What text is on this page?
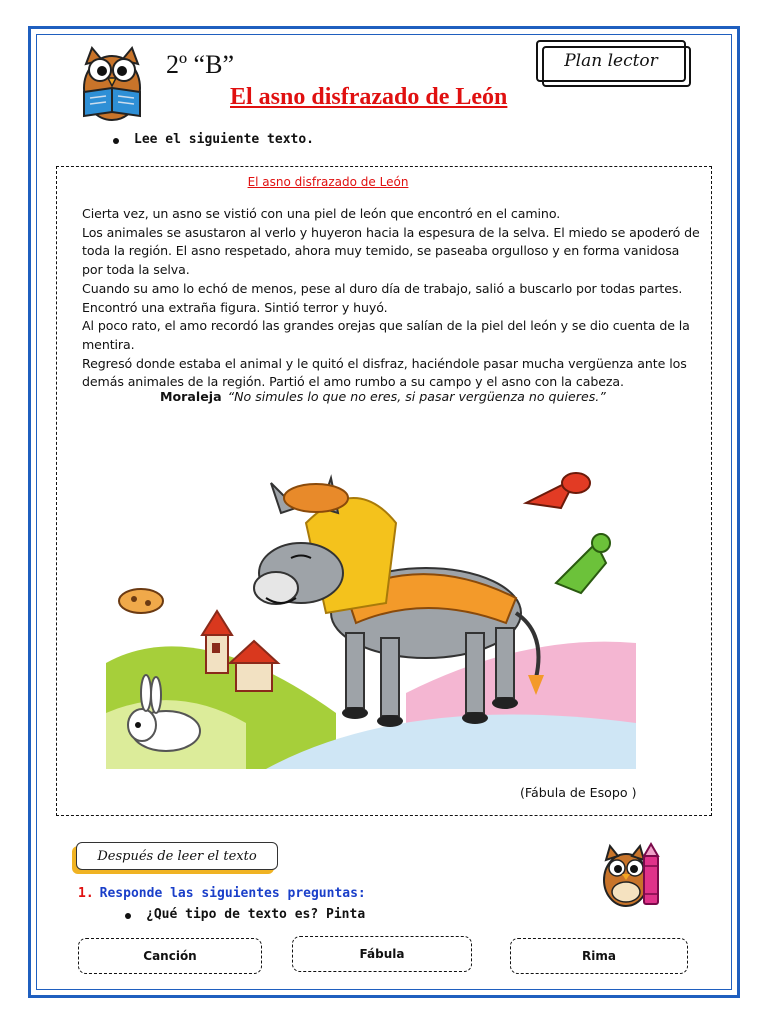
2º “B”	Plan lector
El asno disfrazado de León
Lee el siguiente texto.
El asno disfrazado de León

Cierta vez, un asno se vistió con una piel de león que encontró en el camino.

Los animales se asustaron al verlo y huyeron hacia la espesura de la selva. El miedo se apoderó de toda la región. El asno respetado, ahora muy temido, se paseaba orgulloso y en forma vanidosa por toda la selva.

Cuando su amo lo echó de menos, pese al duro día de trabajo, salió a buscarlo por todas partes. Encontró una extraña figura. Sintió terror y huyó.

Al poco rato, el amo recordó las grandes orejas que salían de la piel del león y se dio cuenta de la mentira.

Regresó donde estaba el animal y le quitó el disfraz, haciéndole pasar mucha vergüenza ante los demás animales de la región. Partió el amo rumbo a su campo y el asno con la cabeza.

Moraleja “No simules lo que no eres, si pasar vergüenza no quieres.”
(Fábula de Esopo )
Después de leer el texto
1. Responde las siguientes preguntas:
¿Qué tipo de texto es? Pinta
Canción	Fábula	Rima
